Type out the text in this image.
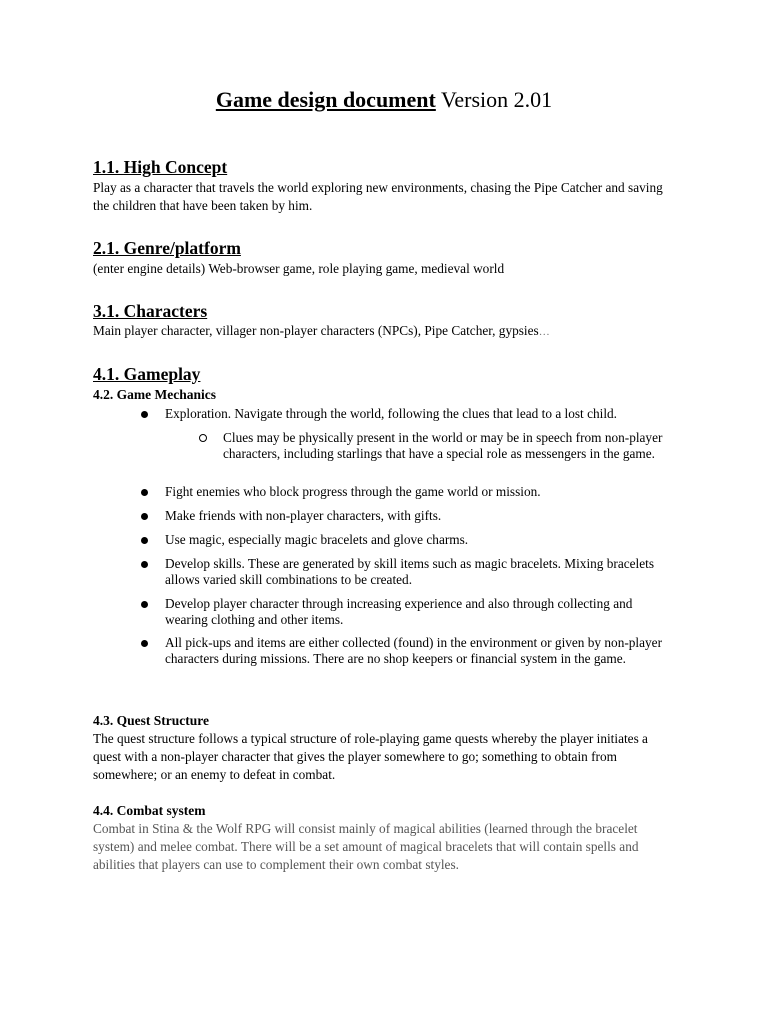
Game design document Version 2.01
1.1. High Concept

Play as a character that travels the world exploring new environments, chasing the Pipe Catcher and saving the children that have been taken by him.

2.1. Genre/platform

(enter engine details) Web-browser game, role playing game, medieval world

3.1. Characters

Main player character, villager non-player characters (NPCs), Pipe Catcher, gypsies…

4.1. Gameplay
4.2. Game Mechanics

Exploration. Navigate through the world, following the clues that lead to a lost child.

Clues may be physically present in the world or may be in speech from non-player characters, including starlings that have a special role as messengers in the game.

Fight enemies who block progress through the game world or mission.

Make friends with non-player characters, with gifts.

Use magic, especially magic bracelets and glove charms.

Develop skills. These are generated by skill items such as magic bracelets. Mixing bracelets allows varied skill combinations to be created.

Develop player character through increasing experience and also through collecting and wearing clothing and other items.

All pick-ups and items are either collected (found) in the environment or given by non-player characters during missions. There are no shop keepers or financial system in the game.

4.3. Quest Structure

The quest structure follows a typical structure of role-playing game quests whereby the player initiates a quest with a non-player character that gives the player somewhere to go; something to obtain from somewhere; or an enemy to defeat in combat.

4.4. Combat system

Combat in Stina & the Wolf RPG will consist mainly of magical abilities (learned through the bracelet system) and melee combat. There will be a set amount of magical bracelets that will contain spells and abilities that players can use to complement their own combat styles.
